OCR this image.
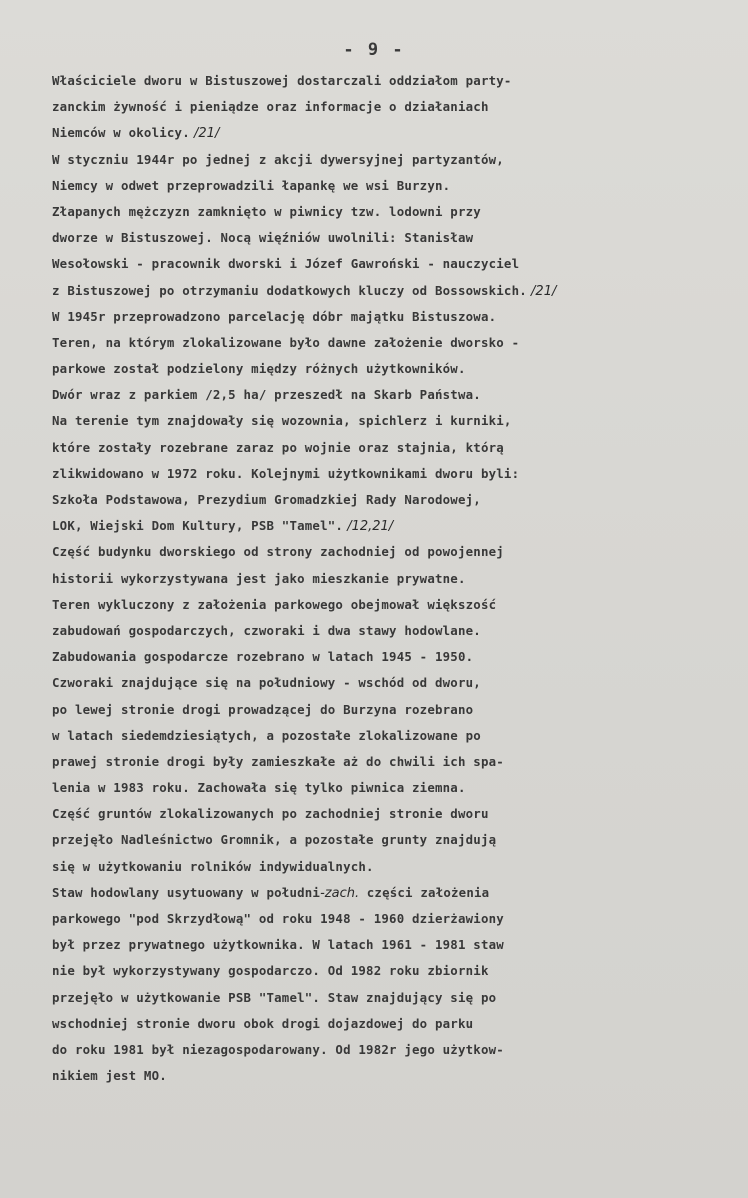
- 9 -
Właściciele dworu w Bistuszowej dostarczali oddziałom party-
zanckim żywność i pieniądze oraz informacje o działaniach
Niemców w okolicy. /21/
W styczniu 1944r po jednej z akcji dywersyjnej partyzantów,
Niemcy w odwet przeprowadzili łapankę we wsi Burzyn.
Złapanych mężczyzn zamknięto w piwnicy tzw. lodowni przy
dworze w Bistuszowej. Nocą więźniów uwolnili: Stanisław
Wesołowski - pracownik dworski i Józef Gawroński - nauczyciel
z Bistuszowej po otrzymaniu dodatkowych kluczy od Bossowskich. /21/
W 1945r przeprowadzono parcelację dóbr majątku Bistuszowa.
Teren, na którym zlokalizowane było dawne założenie dworsko -
parkowe został podzielony między różnych użytkowników.
Dwór wraz z parkiem /2,5 ha/ przeszedł na Skarb Państwa.
Na terenie tym znajdowały się wozownia, spichlerz i kurniki,
które zostały rozebrane zaraz po wojnie oraz stajnia, którą
zlikwidowano w 1972 roku. Kolejnymi użytkownikami dworu byli:
Szkoła Podstawowa, Prezydium Gromadzkiej Rady Narodowej,
LOK, Wiejski Dom Kultury, PSB "Tamel". /12,21/
Część budynku dworskiego od strony zachodniej od powojennej
historii wykorzystywana jest jako mieszkanie prywatne.
Teren wykluczony z założenia parkowego obejmował większość
zabudowań gospodarczych, czworaki i dwa stawy hodowlane.
Zabudowania gospodarcze rozebrano w latach 1945 - 1950.
Czworaki znajdujące się na południowy - wschód od dworu,
po lewej stronie drogi prowadzącej do Burzyna rozebrano
w latach siedemdziesiątych, a pozostałe zlokalizowane po
prawej stronie drogi były zamieszkałe aż do chwili ich spa-
lenia w 1983 roku. Zachowała się tylko piwnica ziemna.
Część gruntów zlokalizowanych po zachodniej stronie dworu
przejęło Nadleśnictwo Gromnik, a pozostałe grunty znajdują
się w użytkowaniu rolników indywidualnych.
Staw hodowlany usytuowany w południ-zach. części założenia
parkowego "pod Skrzydłową" od roku 1948 - 1960 dzierżawiony
był przez prywatnego użytkownika. W latach 1961 - 1981 staw
nie był wykorzystywany gospodarczo. Od 1982 roku zbiornik
przejęło w użytkowanie PSB "Tamel". Staw znajdujący się po
wschodniej stronie dworu obok drogi dojazdowej do parku
do roku 1981 był niezagospodarowany. Od 1982r jego użytkow-
nikiem jest MO.
